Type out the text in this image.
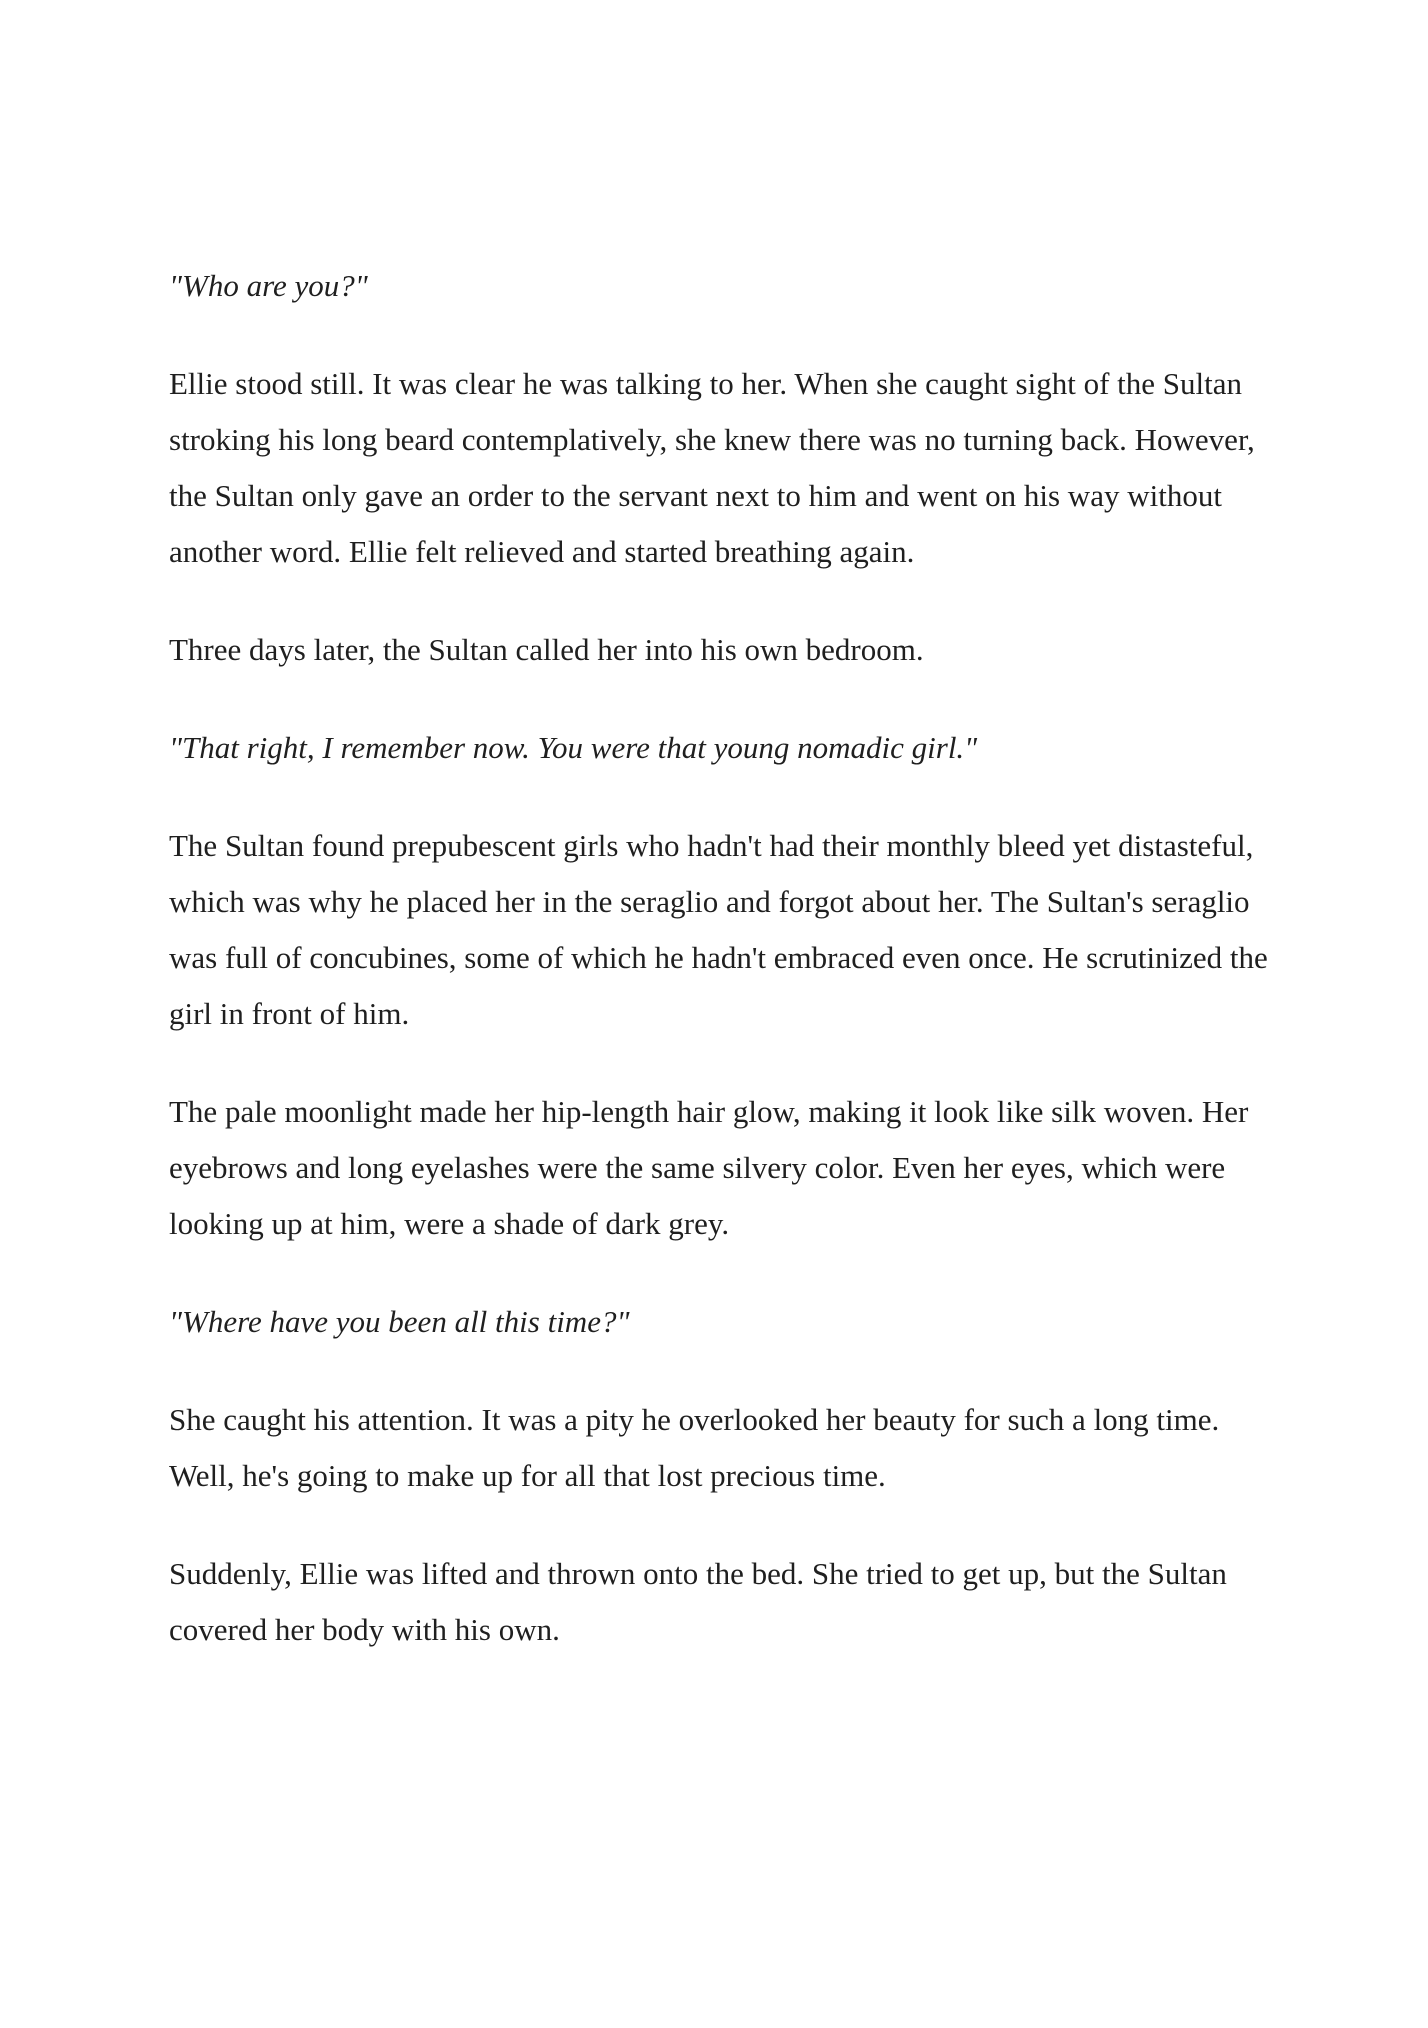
"Who are you?"

Ellie stood still. It was clear he was talking to her. When she caught sight of the Sultan stroking his long beard contemplatively, she knew there was no turning back. However, the Sultan only gave an order to the servant next to him and went on his way without another word. Ellie felt relieved and started breathing again.

Three days later, the Sultan called her into his own bedroom.

"That right, I remember now. You were that young nomadic girl."

The Sultan found prepubescent girls who hadn't had their monthly bleed yet distasteful, which was why he placed her in the seraglio and forgot about her. The Sultan's seraglio was full of concubines, some of which he hadn't embraced even once. He scrutinized the girl in front of him.

The pale moonlight made her hip-length hair glow, making it look like silk woven. Her eyebrows and long eyelashes were the same silvery color. Even her eyes, which were looking up at him, were a shade of dark grey.

"Where have you been all this time?"

She caught his attention. It was a pity he overlooked her beauty for such a long time. Well, he's going to make up for all that lost precious time.

Suddenly, Ellie was lifted and thrown onto the bed. She tried to get up, but the Sultan covered her body with his own.
